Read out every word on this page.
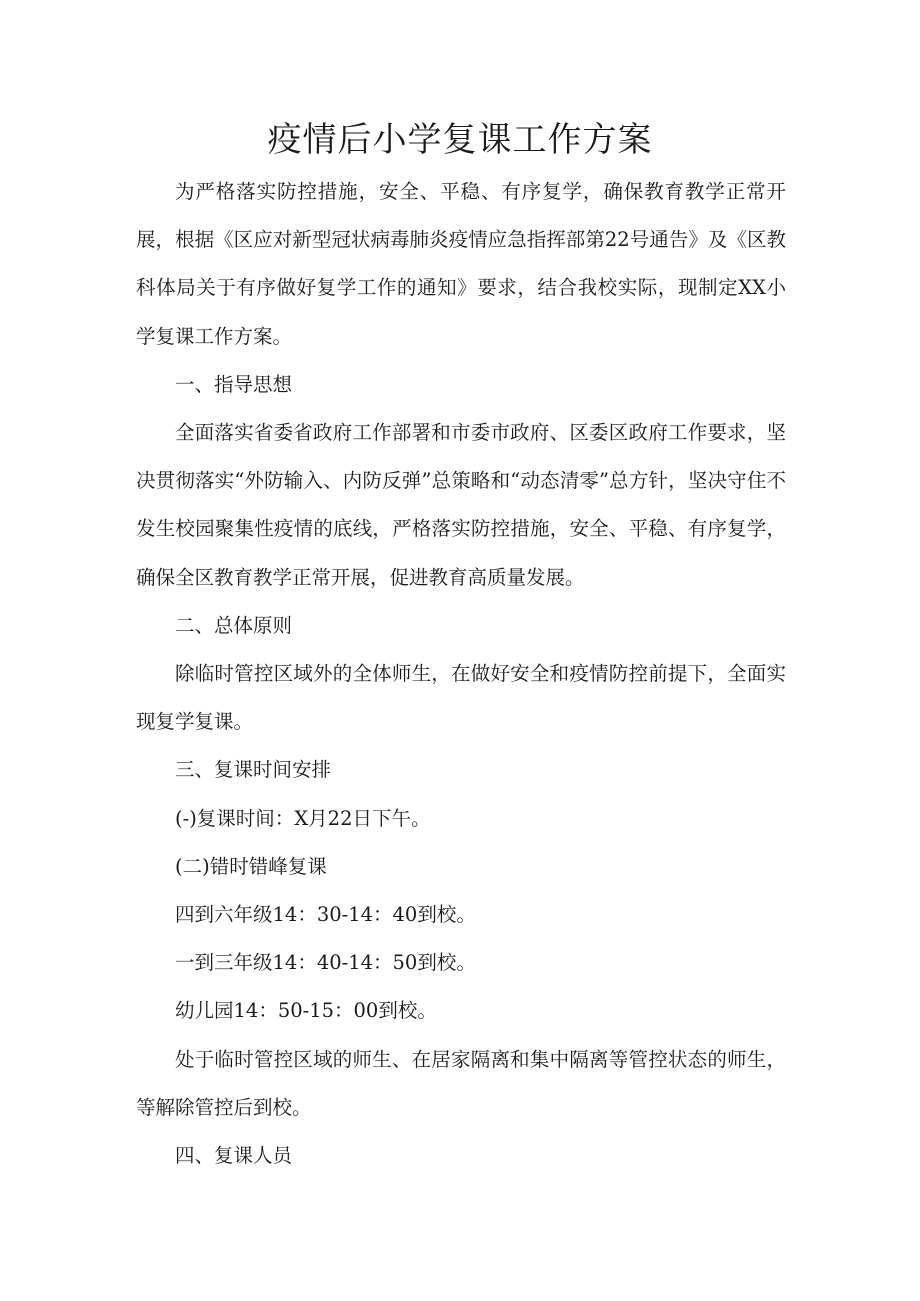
疫情后小学复课工作方案

为严格落实防控措施，安全、平稳、有序复学，确保教育教学正常开展，根据《区应对新型冠状病毒肺炎疫情应急指挥部第22号通告》及《区教科体局关于有序做好复学工作的通知》要求，结合我校实际，现制定XX小学复课工作方案。

一、指导思想

全面落实省委省政府工作部署和市委市政府、区委区政府工作要求，坚决贯彻落实“外防输入、内防反弹”总策略和“动态清零”总方针，坚决守住不发生校园聚集性疫情的底线，严格落实防控措施，安全、平稳、有序复学，确保全区教育教学正常开展，促进教育高质量发展。

二、总体原则

除临时管控区域外的全体师生，在做好安全和疫情防控前提下，全面实现复学复课。

三、复课时间安排

(-)复课时间：X月22日下午。

(二)错时错峰复课

四到六年级14：30-14：40到校。

一到三年级14：40-14：50到校。

幼儿园14：50-15：00到校。

处于临时管控区域的师生、在居家隔离和集中隔离等管控状态的师生，等解除管控后到校。

四、复课人员
